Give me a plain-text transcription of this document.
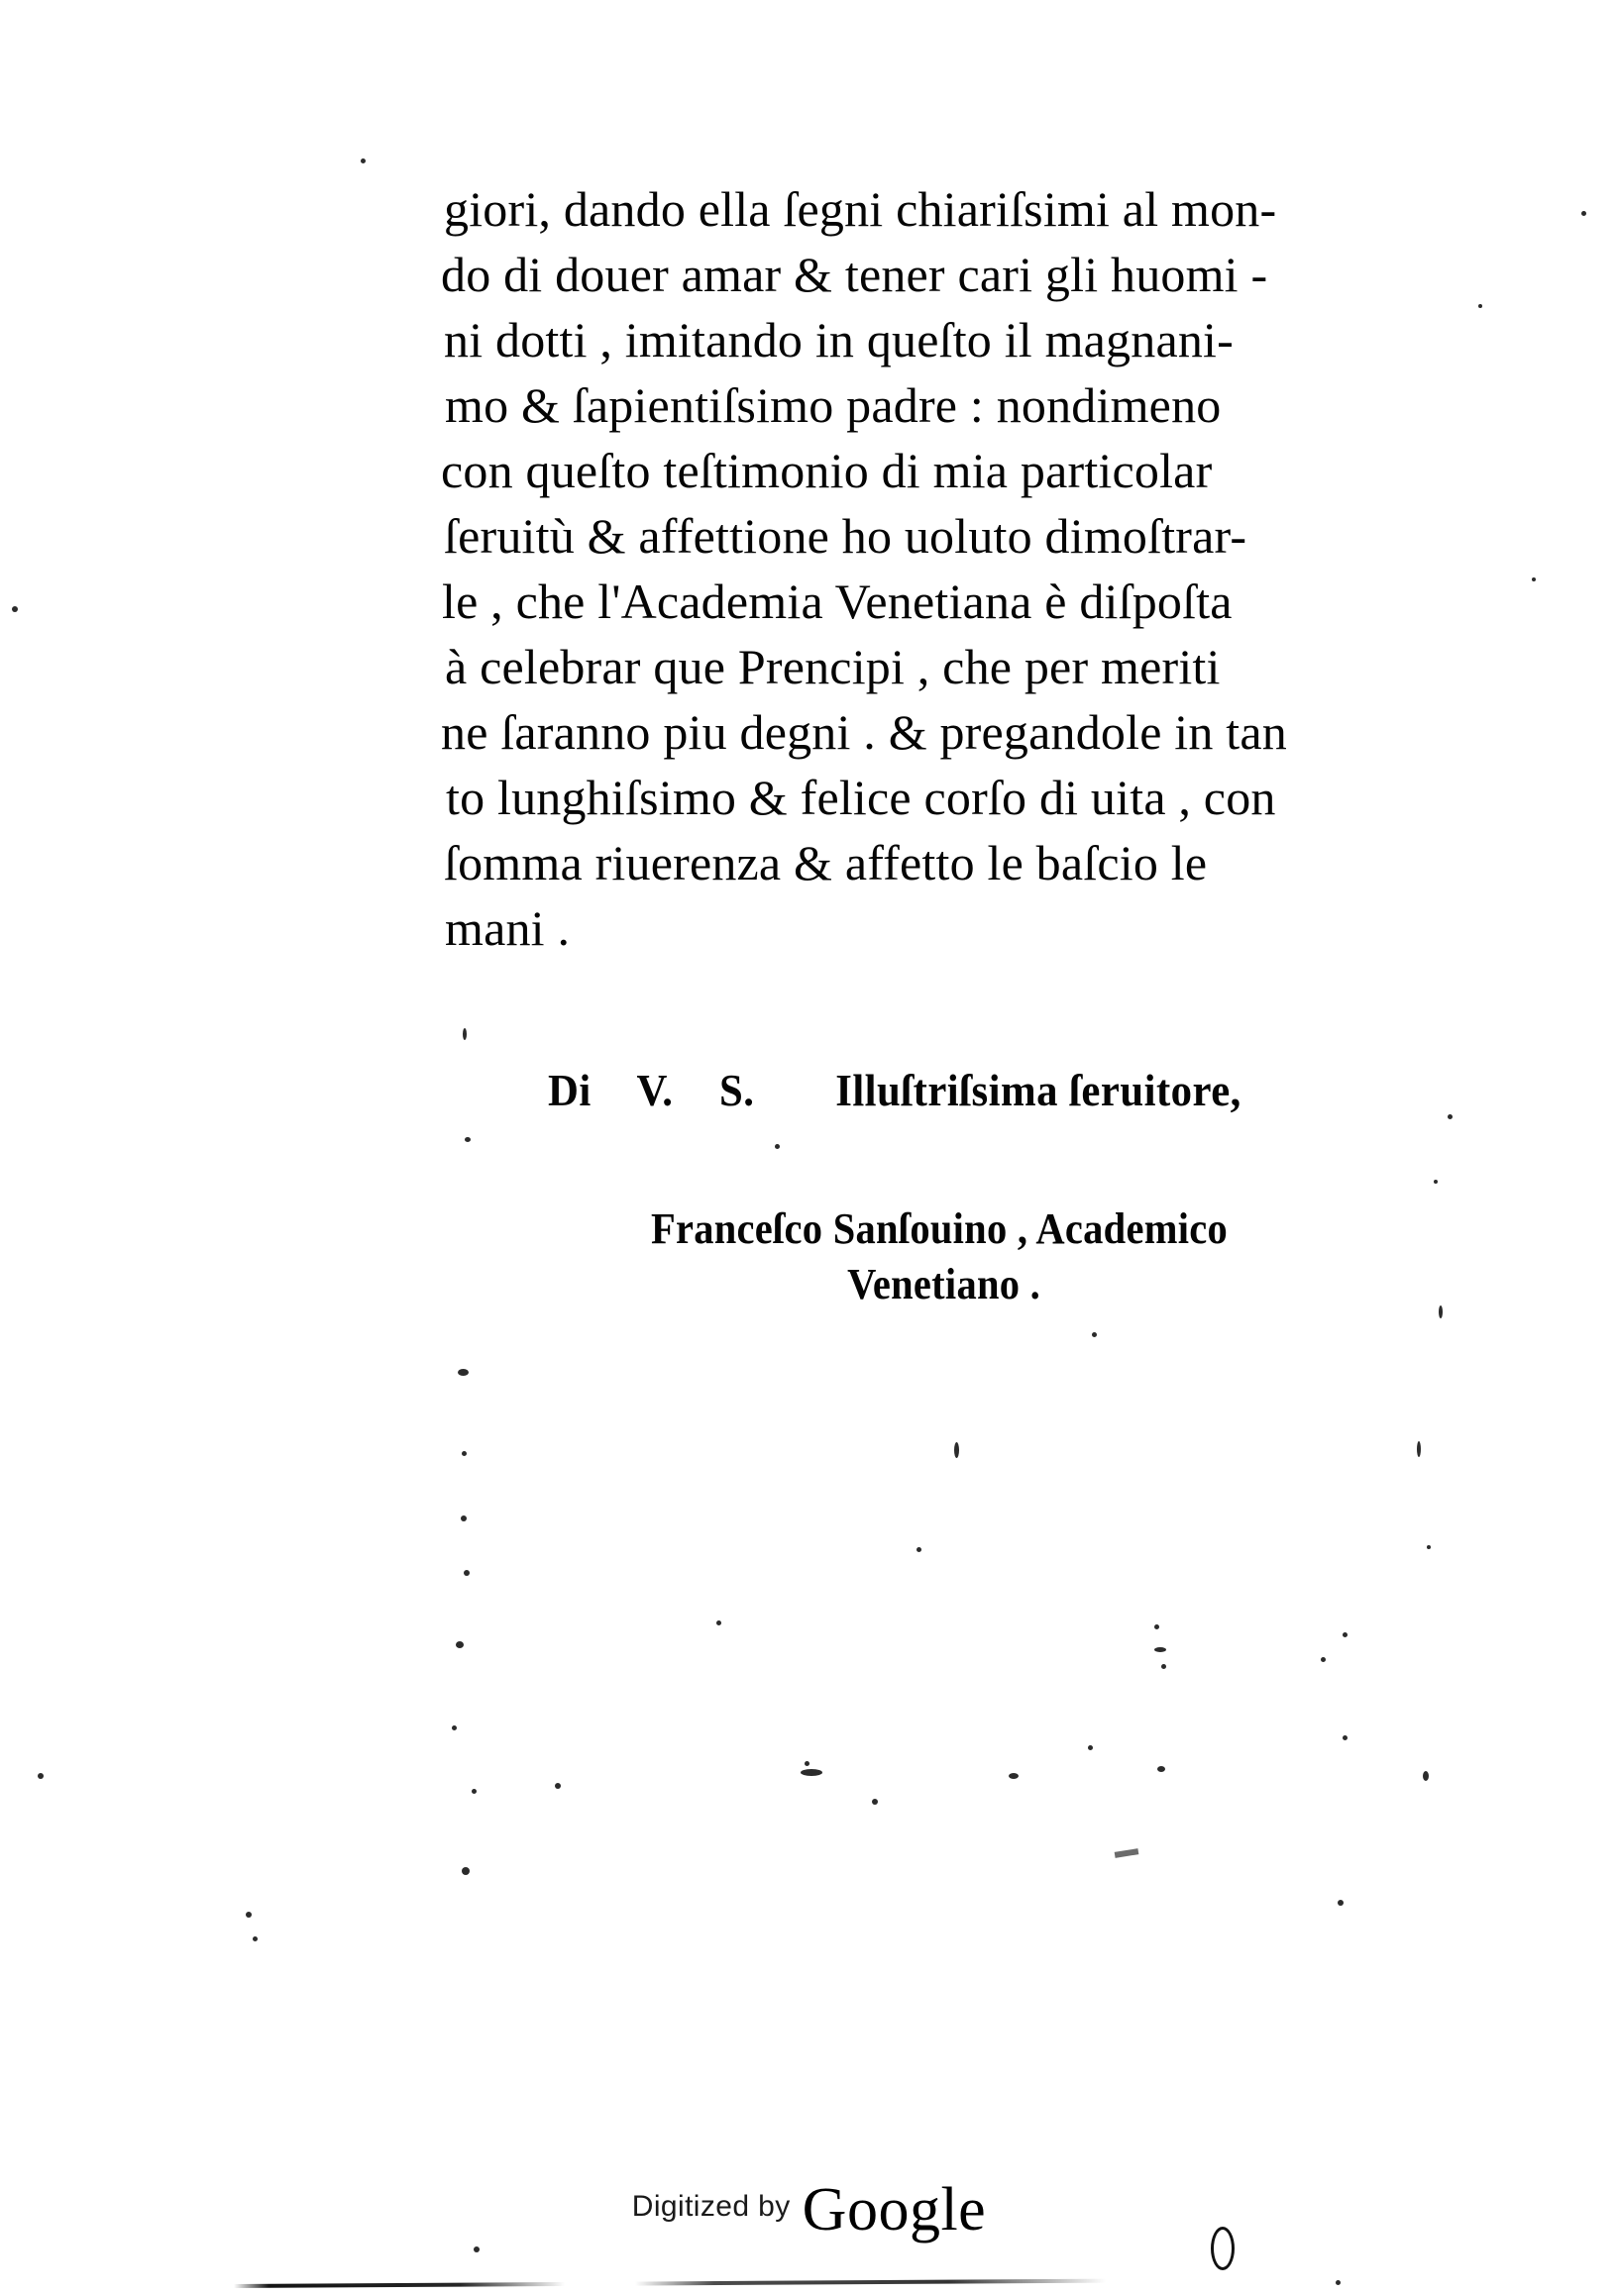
giori, dando ella ſegni chiariſsimi al mon-
do di douer amar & tener cari gli huomi -
ni dotti , imitando in queſto il magnani-
mo & ſapientiſsimo padre : nondimeno
con queſto teſtimonio di mia particolar
ſeruitù & affettione ho uoluto dimoſtrar-
le , che l'Academia Venetiana è diſpoſta
à celebrar que Prencipi , che per meriti
ne ſaranno piu degni . & pregandole in tan
to lunghiſsimo & felice corſo di uita , con
ſomma riuerenza & affetto le baſcio le
mani .
Di V. S. Illuſtriſsima ſeruitore,
Franceſco Sanſouino , Academico
Venetiano .
Digitized by Google
